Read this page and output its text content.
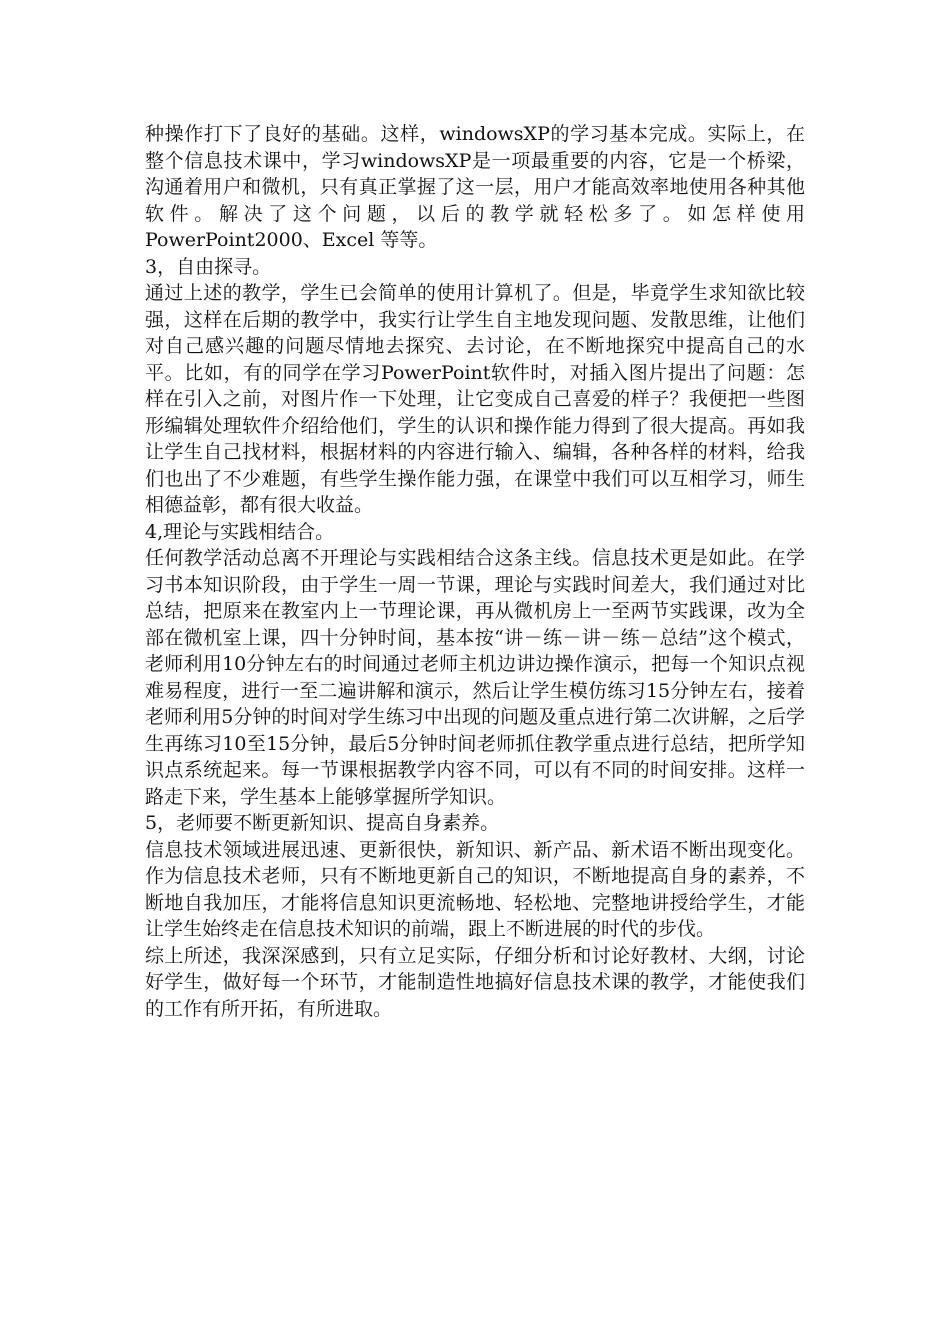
种操作打下了良好的基础。这样，windowsXP的学习基本完成。实际上，在整个信息技术课中，学习windowsXP是一项最重要的内容，它是一个桥梁，沟通着用户和微机，只有真正掌握了这一层，用户才能高效率地使用各种其他软件。解决了这个问题，以后的教学就轻松多了。如怎样使用PowerPoint2000、Excel 等等。

3，自由探寻。

通过上述的教学，学生已会简单的使用计算机了。但是，毕竟学生求知欲比较强，这样在后期的教学中，我实行让学生自主地发现问题、发散思维，让他们对自己感兴趣的问题尽情地去探究、去讨论，在不断地探究中提高自己的水平。比如，有的同学在学习PowerPoint软件时，对插入图片提出了问题：怎样在引入之前，对图片作一下处理，让它变成自己喜爱的样子？我便把一些图形编辑处理软件介绍给他们，学生的认识和操作能力得到了很大提高。再如我让学生自己找材料，根据材料的内容进行输入、编辑，各种各样的材料，给我们也出了不少难题，有些学生操作能力强，在课堂中我们可以互相学习，师生相德益彰，都有很大收益。

4,理论与实践相结合。

任何教学活动总离不开理论与实践相结合这条主线。信息技术更是如此。在学习书本知识阶段，由于学生一周一节课，理论与实践时间差大，我们通过对比总结，把原来在教室内上一节理论课，再从微机房上一至两节实践课，改为全部在微机室上课，四十分钟时间，基本按“讲－练－讲－练－总结”这个模式，老师利用10分钟左右的时间通过老师主机边讲边操作演示，把每一个知识点视难易程度，进行一至二遍讲解和演示，然后让学生模仿练习15分钟左右，接着老师利用5分钟的时间对学生练习中出现的问题及重点进行第二次讲解，之后学生再练习10至15分钟，最后5分钟时间老师抓住教学重点进行总结，把所学知识点系统起来。每一节课根据教学内容不同，可以有不同的时间安排。这样一路走下来，学生基本上能够掌握所学知识。

5，老师要不断更新知识、提高自身素养。

信息技术领域进展迅速、更新很快，新知识、新产品、新术语不断出现变化。作为信息技术老师，只有不断地更新自己的知识，不断地提高自身的素养，不断地自我加压，才能将信息知识更流畅地、轻松地、完整地讲授给学生，才能让学生始终走在信息技术知识的前端，跟上不断进展的时代的步伐。

综上所述，我深深感到，只有立足实际，仔细分析和讨论好教材、大纲，讨论好学生，做好每一个环节，才能制造性地搞好信息技术课的教学，才能使我们的工作有所开拓，有所进取。
